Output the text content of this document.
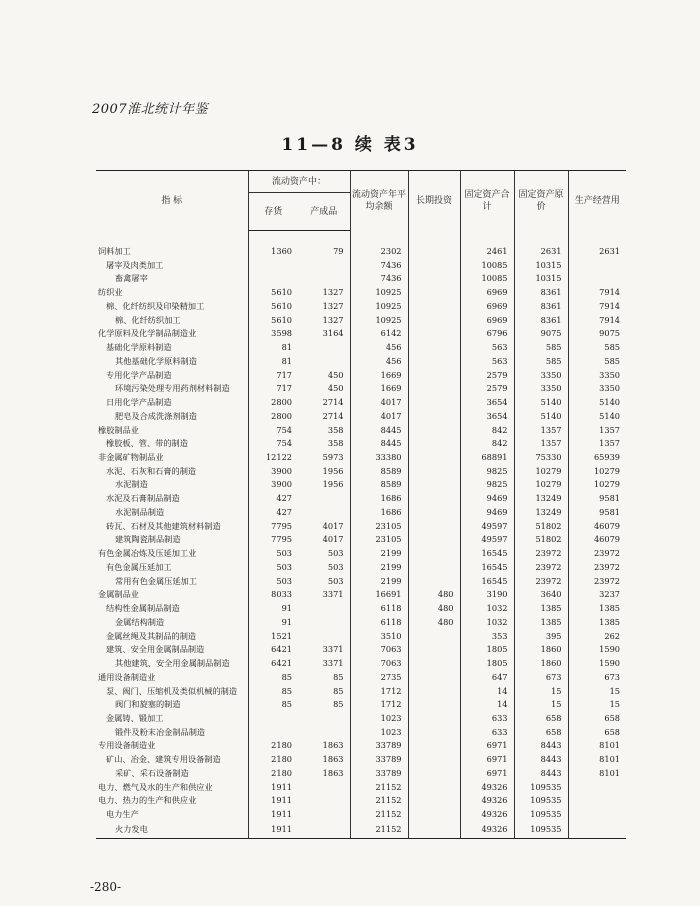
2007淮北统计年鉴
11—8 续 表3
指 标	流动资产中：		流动资产年平均余额	长期投资	固定资产合 计	固定资产原 价	生产经营用
	存货	产成品					

饲料加工	1360	79	2302		2461	2631	2631
屠宰及肉类加工			7436		10085	10315	
畜禽屠宰			7436		10085	10315	
纺织业	5610	1327	10925		6969	8361	7914
棉、化纤纺织及印染精加工	5610	1327	10925		6969	8361	7914
棉、化纤纺织加工	5610	1327	10925		6969	8361	7914
化学原料及化学制品制造业	3598	3164	6142		6796	9075	9075
基础化学原料制造	81		456		563	585	585
其他基础化学原料制造	81		456		563	585	585
专用化学产品制造	717	450	1669		2579	3350	3350
环境污染处理专用药剂材料制造	717	450	1669		2579	3350	3350
日用化学产品制造	2800	2714	4017		3654	5140	5140
肥皂及合成洗涤剂制造	2800	2714	4017		3654	5140	5140
橡胶制品业	754	358	8445		842	1357	1357
橡胶板、管、带的制造	754	358	8445		842	1357	1357
非金属矿物制品业	12122	5973	33380		68891	75330	65939
水泥、石灰和石膏的制造	3900	1956	8589		9825	10279	10279
水泥制造	3900	1956	8589		9825	10279	10279
水泥及石膏制品制造	427		1686		9469	13249	9581
水泥制品制造	427		1686		9469	13249	9581
砖瓦、石材及其他建筑材料制造	7795	4017	23105		49597	51802	46079
建筑陶瓷制品制造	7795	4017	23105		49597	51802	46079
有色金属冶炼及压延加工业	503	503	2199		16545	23972	23972
有色金属压延加工	503	503	2199		16545	23972	23972
常用有色金属压延加工	503	503	2199		16545	23972	23972
金属制品业	8033	3371	16691	480	3190	3640	3237
结构性金属制品制造	91		6118	480	1032	1385	1385
金属结构制造	91		6118	480	1032	1385	1385
金属丝绳及其制品的制造	1521		3510		353	395	262
建筑、安全用金属制品制造	6421	3371	7063		1805	1860	1590
其他建筑、安全用金属制品制造	6421	3371	7063		1805	1860	1590
通用设备制造业	85	85	2735		647	673	673
泵、阀门、压缩机及类似机械的制造	85	85	1712		14	15	15
阀门和旋塞的制造	85	85	1712		14	15	15
金属铸、锻加工			1023		633	658	658
锻件及粉末冶金制品制造			1023		633	658	658
专用设备制造业	2180	1863	33789		6971	8443	8101
矿山、冶金、建筑专用设备制造	2180	1863	33789		6971	8443	8101
采矿、采石设备制造	2180	1863	33789		6971	8443	8101
电力、燃气及水的生产和供应业	1911		21152		49326	109535	
电力、热力的生产和供应业	1911		21152		49326	109535	
电力生产	1911		21152		49326	109535	
火力发电	1911		21152		49326	109535	
-280-
